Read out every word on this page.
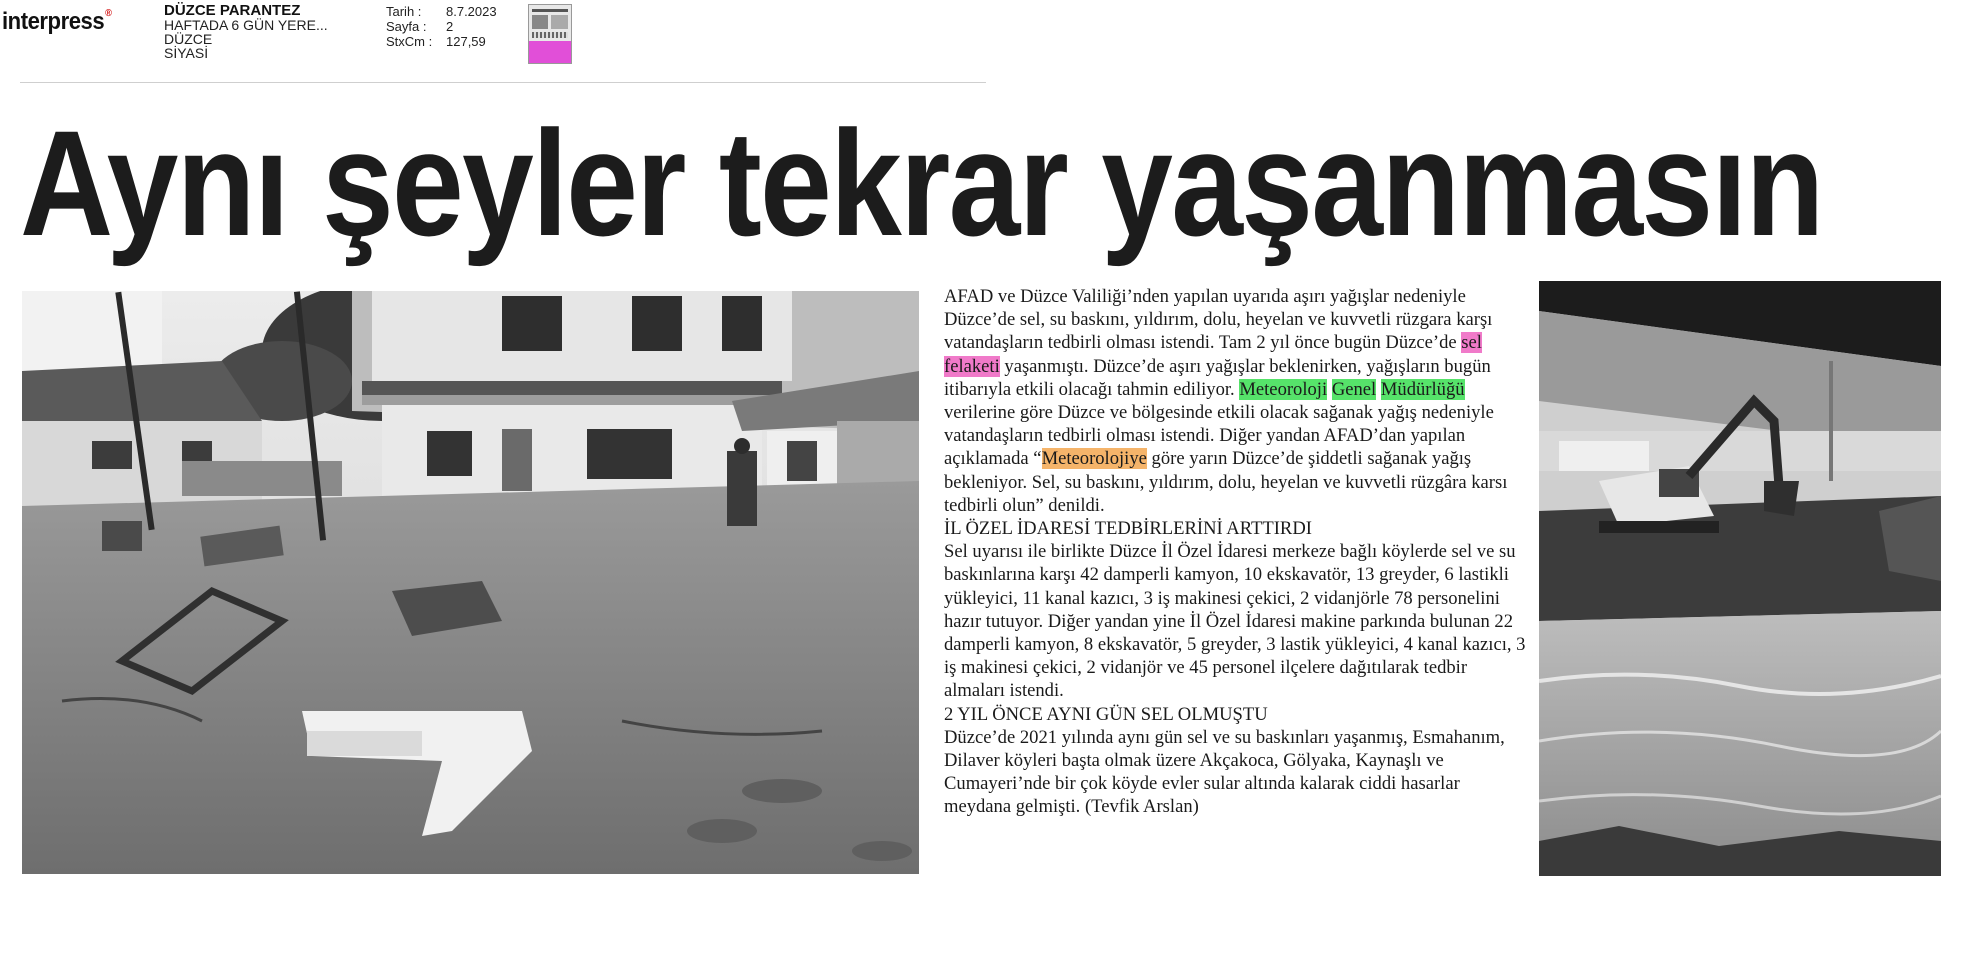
interpress®	DÜZCE PARANTEZ
HAFTADA 6 GÜN YERE...
DÜZCE
SİYASİ
Tarih :	8.7.2023
Sayfa :	2
StxCm :	127,59
Aynı şeyler tekrar yaşanmasın

AFAD ve Düzce Valiliği’nden yapılan uyarıda aşırı yağışlar nedeniyle Düzce’de sel, su baskını, yıldırım, dolu, heyelan ve kuvvetli rüzgara karşı vatandaşların tedbirli olması istendi. Tam 2 yıl önce bugün Düzce’de sel felaketi yaşanmıştı. Düzce’de aşırı yağışlar beklenirken, yağışların bugün itibarıyla etkili olacağı tahmin ediliyor. Meteoroloji Genel Müdürlüğü verilerine göre Düzce ve bölgesinde etkili olacak sağanak yağış nedeniyle vatandaşların tedbirli olması istendi. Diğer yandan AFAD’dan yapılan açıklamada “Meteorolojiye göre yarın Düzce’de şiddetli sağanak yağış bekleniyor. Sel, su baskını, yıldırım, dolu, heyelan ve kuvvetli rüzgâra karsı tedbirli olun” denildi.

İL ÖZEL İDARESİ TEDBİRLERİNİ ARTTIRDI

Sel uyarısı ile birlikte Düzce İl Özel İdaresi merkeze bağlı köylerde sel ve su baskınlarına karşı 42 damperli kamyon, 10 ekskavatör, 13 greyder, 6 lastikli yükleyici, 11 kanal kazıcı, 3 iş makinesi çekici, 2 vidanjörle 78 personelini hazır tutuyor. Diğer yandan yine İl Özel İdaresi makine parkında bulunan 22 damperli kamyon, 8 ekskavatör, 5 greyder, 3 lastik yükleyici, 4 kanal kazıcı, 3 iş makinesi çekici, 2 vidanjör ve 45 personel ilçelere dağıtılarak tedbir almaları istendi.

2 YIL ÖNCE AYNI GÜN SEL OLMUŞTU

Düzce’de 2021 yılında aynı gün sel ve su baskınları yaşanmış, Esmahanım, Dilaver köyleri başta olmak üzere Akçakoca, Gölyaka, Kaynaşlı ve Cumayeri’nde bir çok köyde evler sular altında kalarak ciddi hasarlar meydana gelmişti. (Tevfik Arslan)
